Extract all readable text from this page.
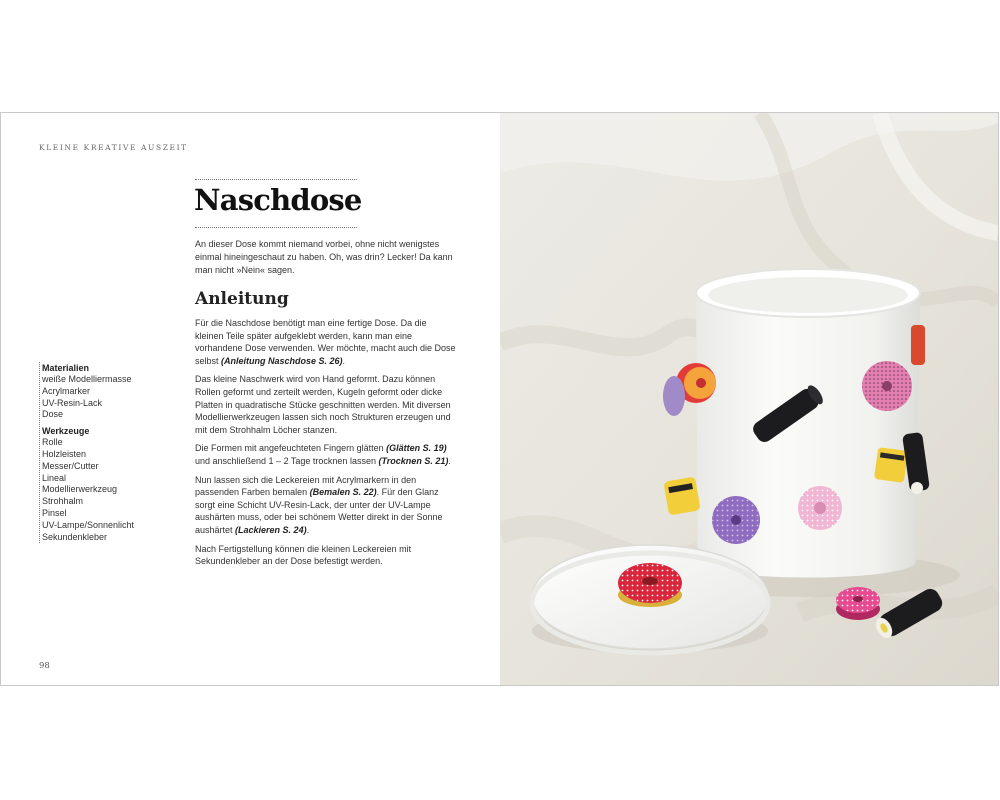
KLEINE KREATIVE AUSZEIT
Naschdose

An dieser Dose kommt niemand vorbei, ohne nicht wenigstes einmal hineingeschaut zu haben. Oh, was drin? Lecker! Da kann man nicht »Nein« sagen.

Anleitung

Für die Naschdose benötigt man eine fertige Dose. Da die kleinen Teile später aufgeklebt werden, kann man eine vorhandene Dose verwenden. Wer möchte, macht auch die Dose selbst (Anleitung Naschdose S. 26).

Das kleine Naschwerk wird von Hand geformt. Dazu können Rollen geformt und zerteilt werden, Kugeln geformt oder dicke Platten in quadratische Stücke geschnitten werden. Mit diversen Modellierwerkzeugen lassen sich noch Strukturen erzeugen und mit dem Strohhalm Löcher stanzen.

Die Formen mit angefeuchteten Fingern glätten (Glätten S. 19) und anschließend 1 – 2 Tage trocknen lassen (Trocknen S. 21).

Nun lassen sich die Leckereien mit Acrylmarkern in den passenden Farben bemalen (Bemalen S. 22). Für den Glanz sorgt eine Schicht UV-Resin-Lack, der unter der UV-Lampe aushärten muss, oder bei schönem Wetter direkt in der Sonne aushärtet (Lackieren S. 24).

Nach Fertigstellung können die kleinen Leckereien mit Sekundenkleber an der Dose befestigt werden.

Materialien

weiße Modelliermasse

Acrylmarker

UV-Resin-Lack

Dose

Werkzeuge

Rolle

Holzleisten

Messer/Cutter

Lineal

Modellierwerkzeug

Strohhalm

Pinsel

UV-Lampe/Sonnenlicht

Sekundenkleber

98
